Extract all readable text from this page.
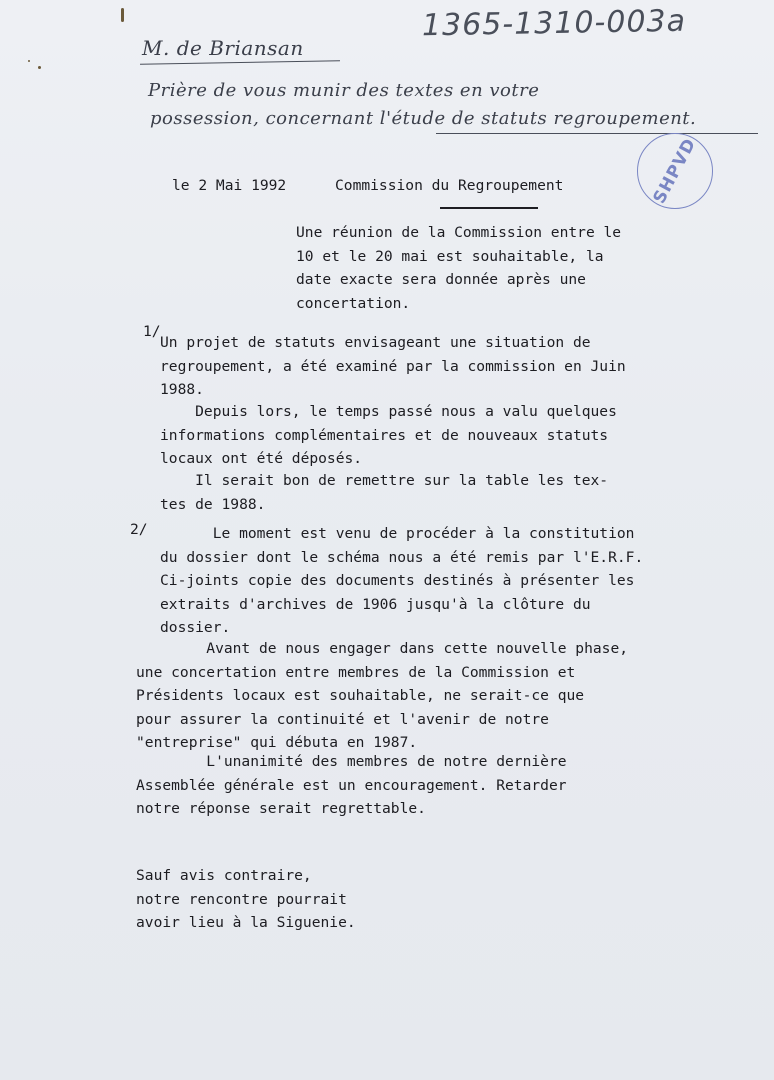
1365-1310-003a
M. de Briansan
Prière de vous munir des textes en votre
possession, concernant l'étude de statuts regroupement.
SHPVD
le 2 Mai 1992	Commission du Regroupement
Une réunion de la Commission entre le
10 et le 20 mai est souhaitable, la
date exacte sera donnée après une
concertation.
1/
Un projet de statuts envisageant une situation de
regroupement, a été examiné par la commission en Juin
1988.
Depuis lors, le temps passé nous a valu quelques
informations complémentaires et de nouveaux statuts
locaux ont été déposés.
Il serait bon de remettre sur la table les tex-
tes de 1988.
2/	Le moment est venu de procéder à la constitution
du dossier dont le schéma nous a été remis par l'E.R.F.
Ci-joints copie des documents destinés à présenter les
extraits d'archives de 1906 jusqu'à la clôture du
dossier.
Avant de nous engager dans cette nouvelle phase,
une concertation entre membres de la Commission et
Présidents locaux est souhaitable, ne serait-ce que
pour assurer la continuité et l'avenir de notre
"entreprise" qui débuta en 1987.
L'unanimité des membres de notre dernière
Assemblée générale est un encouragement. Retarder
notre réponse serait regrettable.
Sauf avis contraire,
notre rencontre pourrait
avoir lieu à la Siguenie.
